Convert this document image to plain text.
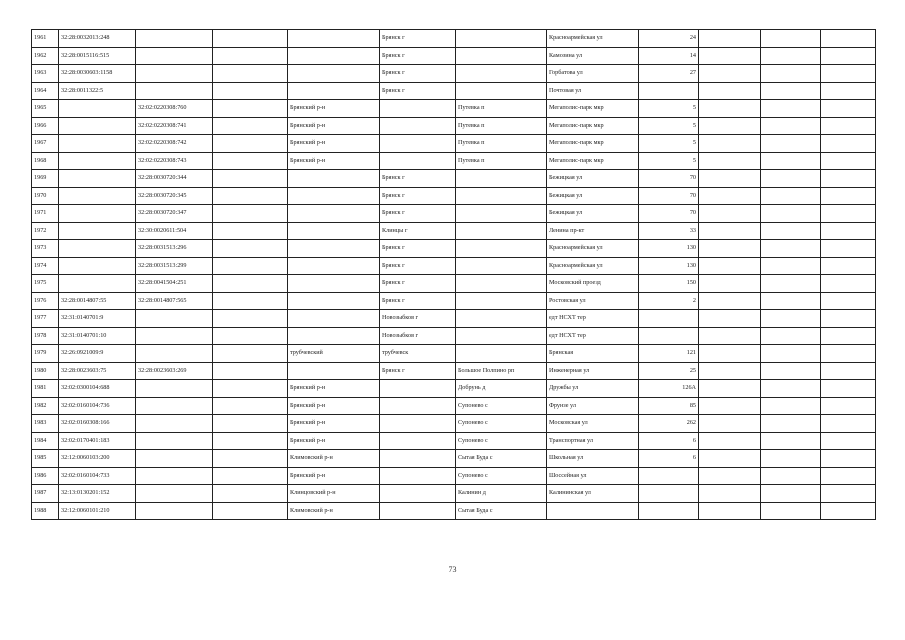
1961	32:28:0032013:248				Брянск г		Красноармейская ул	24			
1962	32:28:0015116:515				Брянск г		Камозина ул	14			
1963	32:28:0030603:1158				Брянск г		Горбатова ул	27			
1964	32:28:0011322:5				Брянск г		Почтовая ул				
1965		32:02:0220308:760		Брянский р-н		Путевка п	Мегаполис-парк мкр	5			
1966		32:02:0220308:741		Брянский р-н		Путевка п	Мегаполис-парк мкр	5			
1967		32:02:0220308:742		Брянский р-н		Путевка п	Мегаполис-парк мкр	5			
1968		32:02:0220308:743		Брянский р-н		Путевка п	Мегаполис-парк мкр	5			
1969		32:28:0030720:344			Брянск г		Бежицкая ул	70			
1970		32:28:0030720:345			Брянск г		Бежицкая ул	70			
1971		32:28:0030720:347			Брянск г		Бежицкая ул	70			
1972		32:30:0020611:504			Клинцы г		Ленина пр-кт	33			
1973		32:28:0031513:296			Брянск г		Красноармейская ул	130			
1974		32:28:0031513:299			Брянск г		Красноармейская ул	130			
1975		32:28:0041504:251			Брянск г		Московский проезд	150			
1976	32:28:0014807:55	32:28:0014807:565			Брянск г		Ростовская ул	2			
1977	32:31:0140701:9				Новозыбков г		едт НСХТ тер				
1978	32:31:0140701:10				Новозыбков г		едт НСХТ тер				
1979	32:26:0921009:9			трубчевский	трубчевск		Брянская	121			
1980	32:28:0023603:75	32:28:0023603:269			Брянск г	Большое Полпино рп	Инженерная ул	25			
1981	32:02:0300104:688			Брянский р-н		Добрунь д	Дружбы ул	126А			
1982	32:02:0160104:736			Брянский р-н		Супонево с	Фрунзе ул	85			
1983	32:02:0160308:166			Брянский р-н		Супонево с	Московская ул	262			
1984	32:02:0170401:183			Брянский р-н		Супонево с	Транспортная ул	6			
1985	32:12:0060103:200			Климовский р-н		Сытая Буда с	Школьная ул	6			
1986	32:02:0160104:733			Брянский р-н		Супонево с	Шоссейная ул				
1987	32:13:0130201:152			Клинцовский р-н		Калинин д	Калининская ул				
1988	32:12:0060101:210			Климовский р-н		Сытая Буда с					
73
